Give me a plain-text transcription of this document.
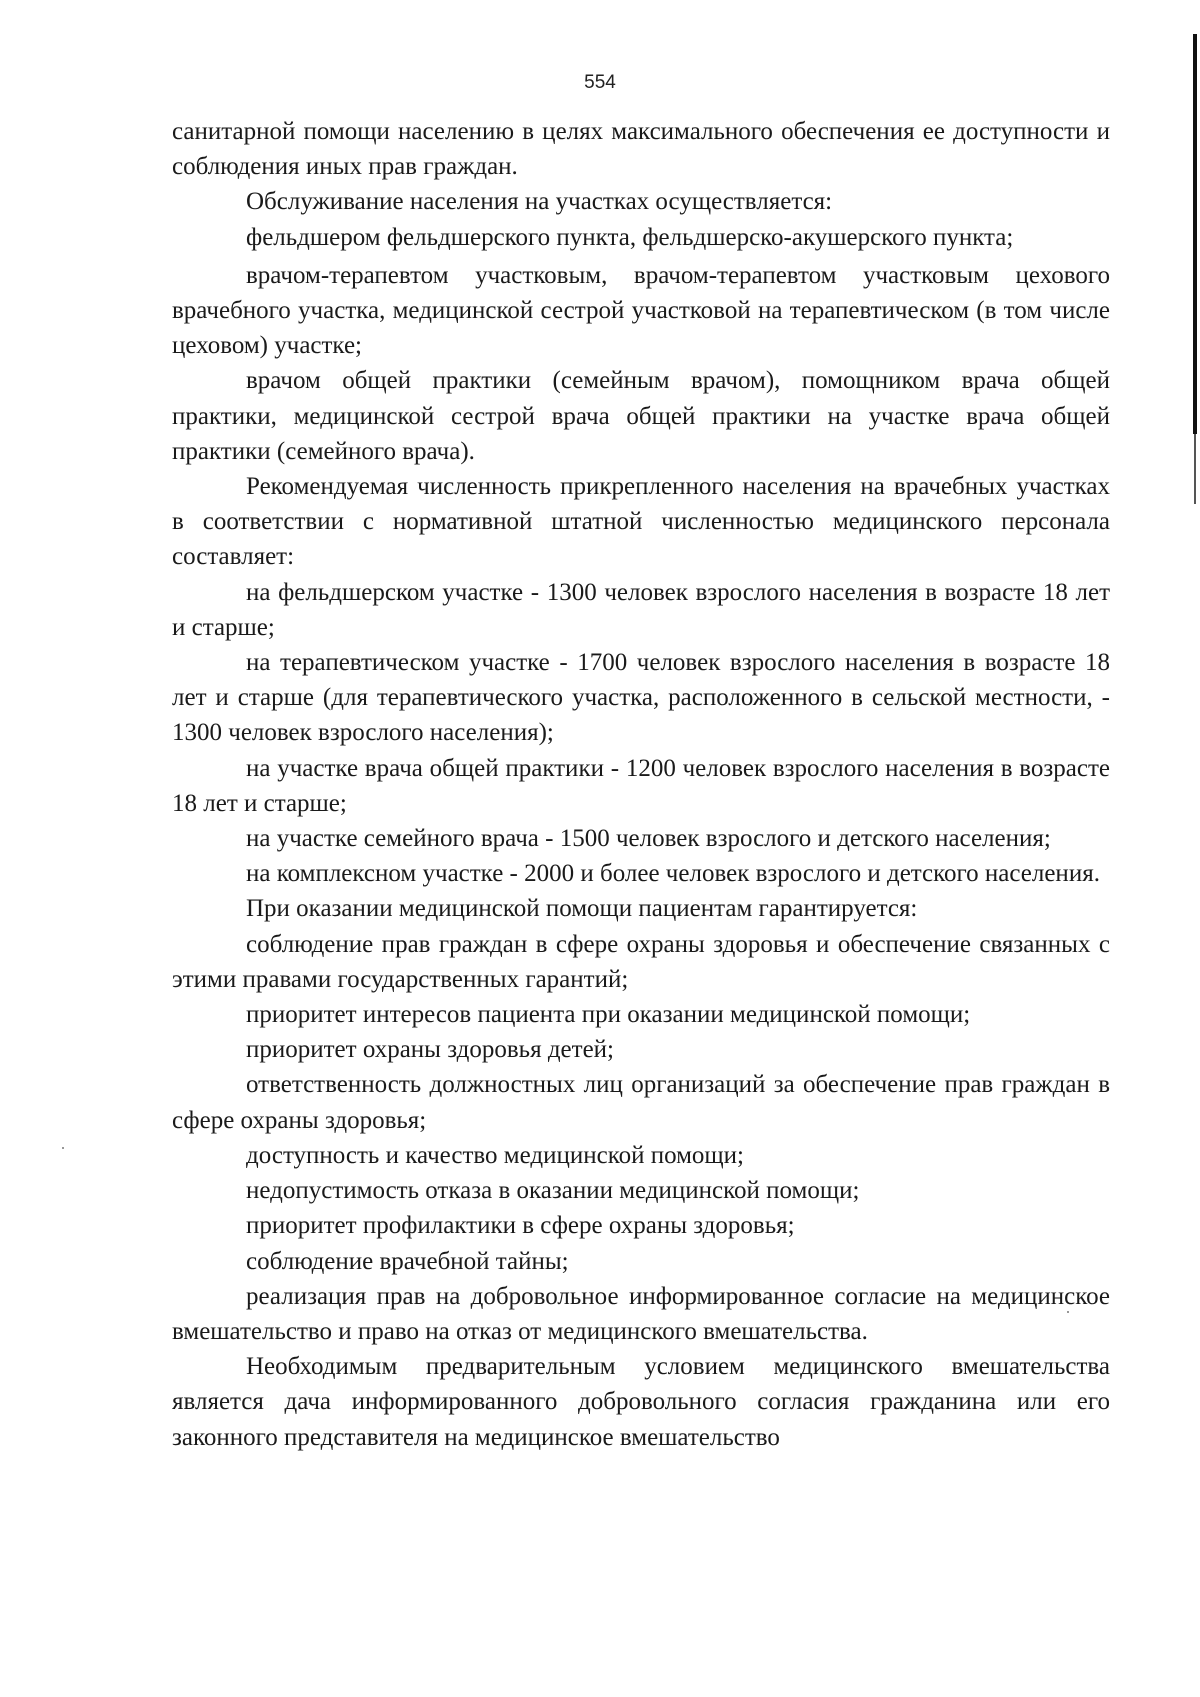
554

санитарной помощи населению в целях максимального обеспечения ее доступности и соблюдения иных прав граждан.

Обслуживание населения на участках осуществляется:

фельдшером фельдшерского пункта, фельдшерско-акушерского пункта;

врачом-терапевтом участковым, врачом-терапевтом участковым цехового врачебного участка, медицинской сестрой участковой на терапевтическом (в том числе цеховом) участке;

врачом общей практики (семейным врачом), помощником врача общей практики, медицинской сестрой врача общей практики на участке врача общей практики (семейного врача).

Рекомендуемая численность прикрепленного населения на врачебных участках в соответствии с нормативной штатной численностью медицинского персонала составляет:

на фельдшерском участке - 1300 человек взрослого населения в возрасте 18 лет и старше;

на терапевтическом участке - 1700 человек взрослого населения в возрасте 18 лет и старше (для терапевтического участка, расположенного в сельской местности, - 1300 человек взрослого населения);

на участке врача общей практики - 1200 человек взрослого населения в возрасте 18 лет и старше;

на участке семейного врача - 1500 человек взрослого и детского населения;

на комплексном участке - 2000 и более человек взрослого и детского населения.

При оказании медицинской помощи пациентам гарантируется:

соблюдение прав граждан в сфере охраны здоровья и обеспечение связанных с этими правами государственных гарантий;

приоритет интересов пациента при оказании медицинской помощи;

приоритет охраны здоровья детей;

ответственность должностных лиц организаций за обеспечение прав граждан в сфере охраны здоровья;

доступность и качество медицинской помощи;

недопустимость отказа в оказании медицинской помощи;

приоритет профилактики в сфере охраны здоровья;

соблюдение врачебной тайны;

реализация прав на добровольное информированное согласие на медицинское вмешательство и право на отказ от медицинского вмешательства.

Необходимым предварительным условием медицинского вмешательства является дача информированного добровольного согласия гражданина или его законного представителя на медицинское вмешательство
